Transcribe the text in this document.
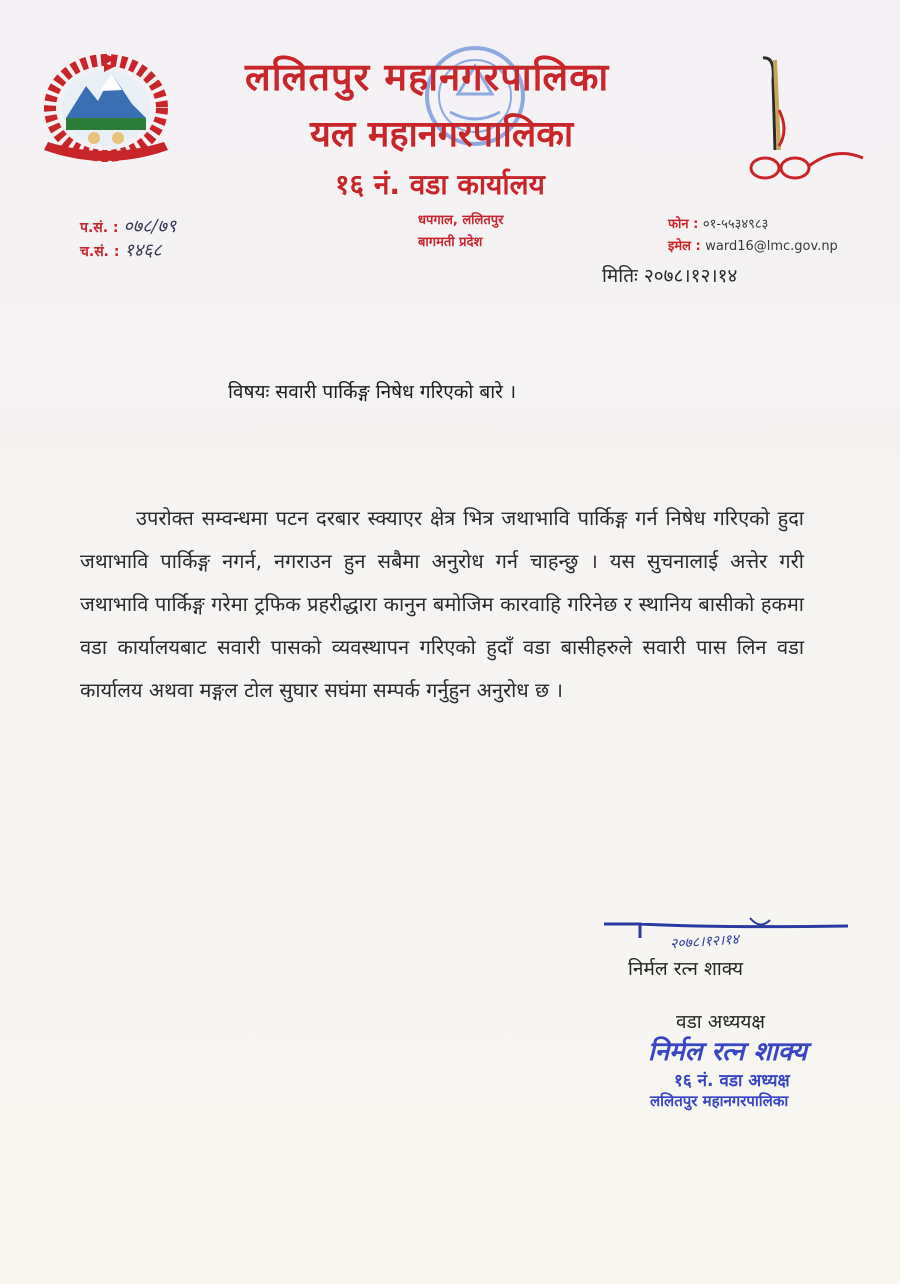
ललितपुर महानगरपालिका
यल महानगरपालिका
१६ नं. वडा कार्यालय
प.सं. : ०७८/७९
च.सं. : १४६८
धपगाल, ललितपुर
बागमती प्रदेश
फोन : ०१-५५३४९८३
इमेल : ward16@lmc.gov.np
मितिः २०७८।१२।१४
विषयः सवारी पार्किङ्ग निषेध गरिएको बारे ।

उपरोक्त सम्वन्धमा पटन दरबार स्क्याएर क्षेत्र भित्र जथाभावि पार्किङ्ग गर्न निषेध गरिएको हुदा जथाभावि पार्किङ्ग नगर्न, नगराउन हुन सबैमा अनुरोध गर्न चाहन्छु । यस सुचनालाई अत्तेर गरी जथाभावि पार्किङ्ग गरेमा ट्रफिक प्रहरीद्धारा कानुन बमोजिम कारवाहि गरिनेछ र स्थानिय बासीको हकमा वडा कार्यालयबाट सवारी पासको व्यवस्थापन गरिएको हुदाँ वडा बासीहरुले सवारी पास लिन वडा कार्यालय अथवा मङ्गल टोल सुघार सघंमा सम्पर्क गर्नुहुन अनुरोध छ ।

२०७८।१२।१४
निर्मल रत्न शाक्य
वडा अध्ययक्ष
निर्मल रत्न शाक्य
१६ नं. वडा अध्यक्ष
ललितपुर महानगरपालिका
